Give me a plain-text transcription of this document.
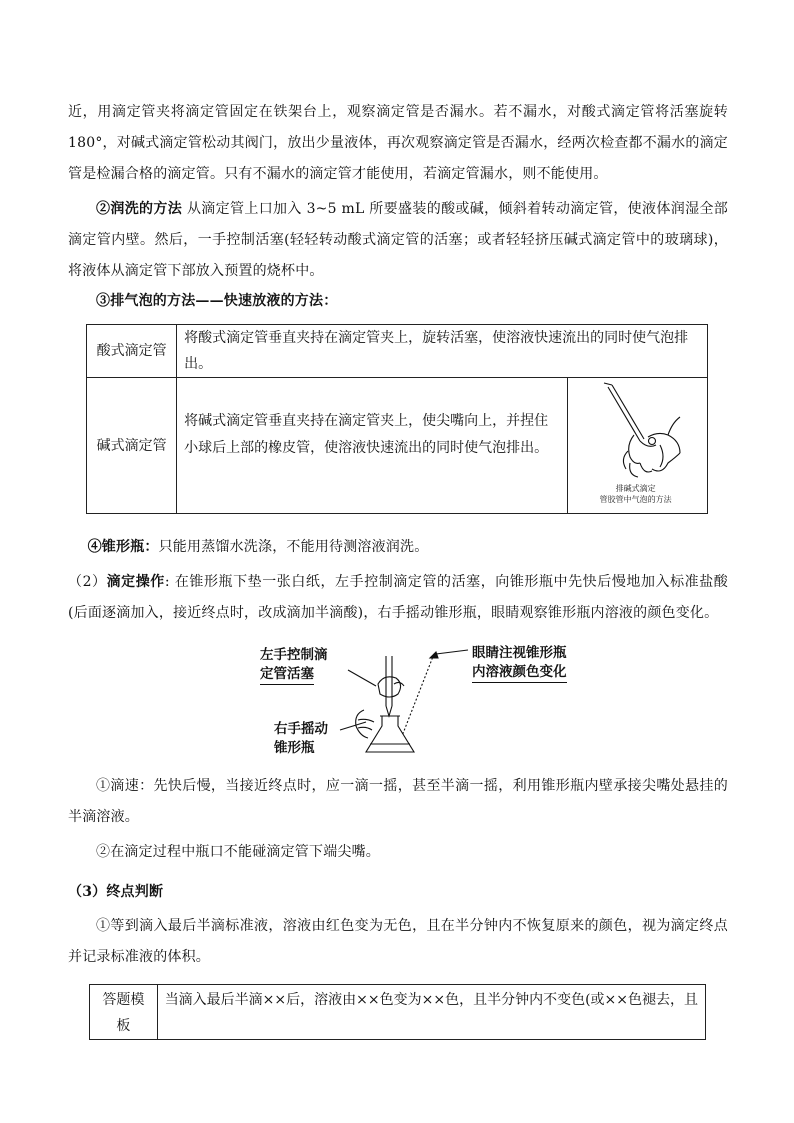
近，用滴定管夹将滴定管固定在铁架台上，观察滴定管是否漏水。若不漏水，对酸式滴定管将活塞旋转180°，对碱式滴定管松动其阀门，放出少量液体，再次观察滴定管是否漏水，经两次检查都不漏水的滴定管是检漏合格的滴定管。只有不漏水的滴定管才能使用，若滴定管漏水，则不能使用。

②润洗的方法 从滴定管上口加入 3~5 mL 所要盛装的酸或碱，倾斜着转动滴定管，使液体润湿全部滴定管内壁。然后，一手控制活塞(轻轻转动酸式滴定管的活塞；或者轻轻挤压碱式滴定管中的玻璃球)，将液体从滴定管下部放入预置的烧杯中。

③排气泡的方法——快速放液的方法：

酸式滴定管	将酸式滴定管垂直夹持在滴定管夹上，旋转活塞，使溶液快速流出的同时使气泡排出。	
碱式滴定管	将碱式滴定管垂直夹持在滴定管夹上，使尖嘴向上，并捏住小球后上部的橡皮管，使溶液快速流出的同时使气泡排出。	排碱式滴定
管胶管中气泡的方法

④锥形瓶：只能用蒸馏水洗涤，不能用待测溶液润洗。

（2）滴定操作: 在锥形瓶下垫一张白纸，左手控制滴定管的活塞，向锥形瓶中先快后慢地加入标准盐酸(后面逐滴加入，接近终点时，改成滴加半滴酸)，右手摇动锥形瓶，眼睛观察锥形瓶内溶液的颜色变化。

左手控制滴
定管活塞
右手摇动
锥形瓶
眼睛注视锥形瓶
内溶液颜色变化

①滴速：先快后慢，当接近终点时，应一滴一摇，甚至半滴一摇，利用锥形瓶内壁承接尖嘴处悬挂的半滴溶液。

②在滴定过程中瓶口不能碰滴定管下端尖嘴。

（3）终点判断

①等到滴入最后半滴标准液，溶液由红色变为无色，且在半分钟内不恢复原来的颜色，视为滴定终点并记录标准液的体积。

答题模板	当滴入最后半滴××后，溶液由××色变为××色，且半分钟内不变色(或××色褪去，且
